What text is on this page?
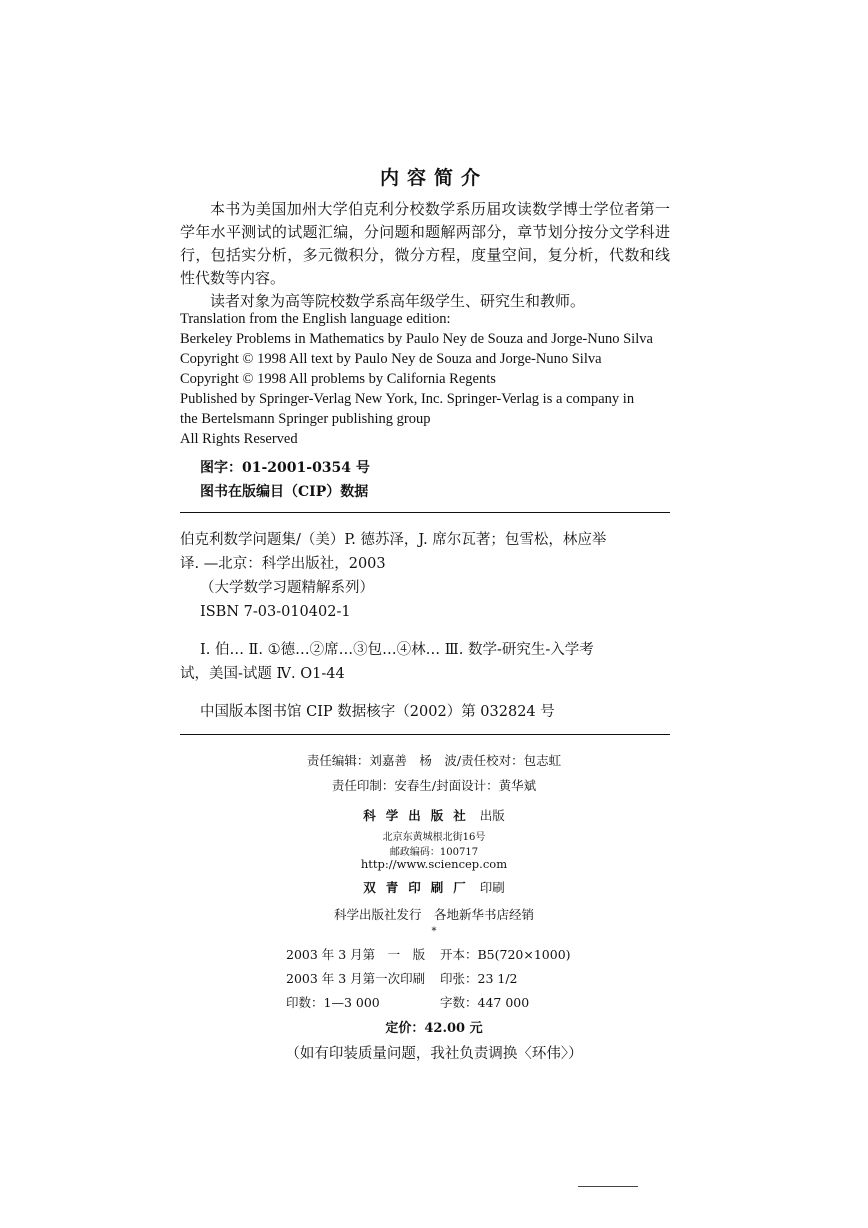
内容简介

本书为美国加州大学伯克利分校数学系历届攻读数学博士学位者第一学年水平测试的试题汇编，分问题和题解两部分，章节划分按分文学科进行，包括实分析，多元微积分，微分方程，度量空间，复分析，代数和线性代数等内容。

读者对象为高等院校数学系高年级学生、研究生和教师。

Translation from the English language edition:
Berkeley Problems in Mathematics by Paulo Ney de Souza and Jorge-Nuno Silva
Copyright © 1998 All text by Paulo Ney de Souza and Jorge-Nuno Silva
Copyright © 1998 All problems by California Regents
Published by Springer-Verlag New York, Inc. Springer-Verlag is a company in
the Bertelsmann Springer publishing group
All Rights Reserved
图字：01-2001-0354 号
图书在版编目（CIP）数据
伯克利数学问题集/（美）P. 德苏泽，J. 席尔瓦著；包雪松，林应举
译. —北京：科学出版社，2003
（大学数学习题精解系列）
ISBN 7-03-010402-1
Ⅰ. 伯… Ⅱ. ①德…②席…③包…④林… Ⅲ. 数学-研究生-入学考
试，美国-试题 Ⅳ. O1-44
中国版本图书馆 CIP 数据核字（2002）第 032824 号
责任编辑：刘嘉善　杨　波/责任校对：包志虹
责任印制：安春生/封面设计：黄华斌
科学出版社 出版
北京东黄城根北街16号
邮政编码：100717
http://www.sciencep.com
双青印刷厂 印刷
科学出版社发行　各地新华书店经销
*
2003 年 3 月第　一　版	开本：B5(720×1000)
2003 年 3 月第一次印刷	印张：23 1/2
印数：1—3 000	字数：447 000
定价：42.00 元
（如有印装质量问题，我社负责调换〈环伟〉）
